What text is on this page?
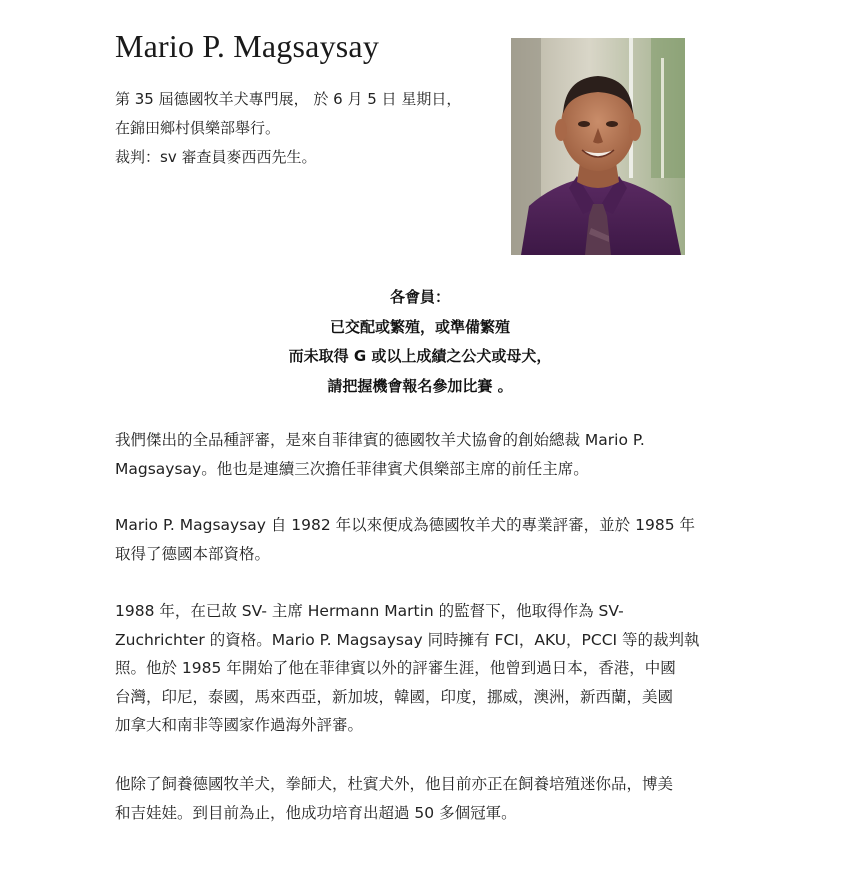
Mario P. Magsaysay
第 35 屆德國牧羊犬專門展， 於 6 月 5 日 星期日，
在錦田鄉村俱樂部舉行。
裁判：sv 審查員麥西西先生。
各會員：
已交配或繁殖，或準備繁殖
而未取得 G 或以上成績之公犬或母犬，
請把握機會報名參加比賽 。
我們傑出的全品種評審，是來自菲律賓的德國牧羊犬協會的創始總裁 Mario P.
Magsaysay。他也是連續三次擔任菲律賓犬俱樂部主席的前任主席。
Mario P. Magsaysay 自 1982 年以來便成為德國牧羊犬的專業評審，並於 1985 年
取得了德國本部資格。
1988 年，在已故 SV- 主席 Hermann Martin 的監督下，他取得作為 SV-
Zuchrichter 的資格。Mario P. Magsaysay 同時擁有 FCI，AKU，PCCI 等的裁判執
照。他於 1985 年開始了他在菲律賓以外的評審生涯，他曾到過日本，香港，中國
台灣，印尼，泰國，馬來西亞，新加坡，韓國，印度，挪威，澳洲，新西蘭，美國
加拿大和南非等國家作過海外評審。
他除了飼養德國牧羊犬，拳師犬，杜賓犬外，他目前亦正在飼養培殖迷你品，博美
和吉娃娃。到目前為止，他成功培育出超過 50 多個冠軍。
